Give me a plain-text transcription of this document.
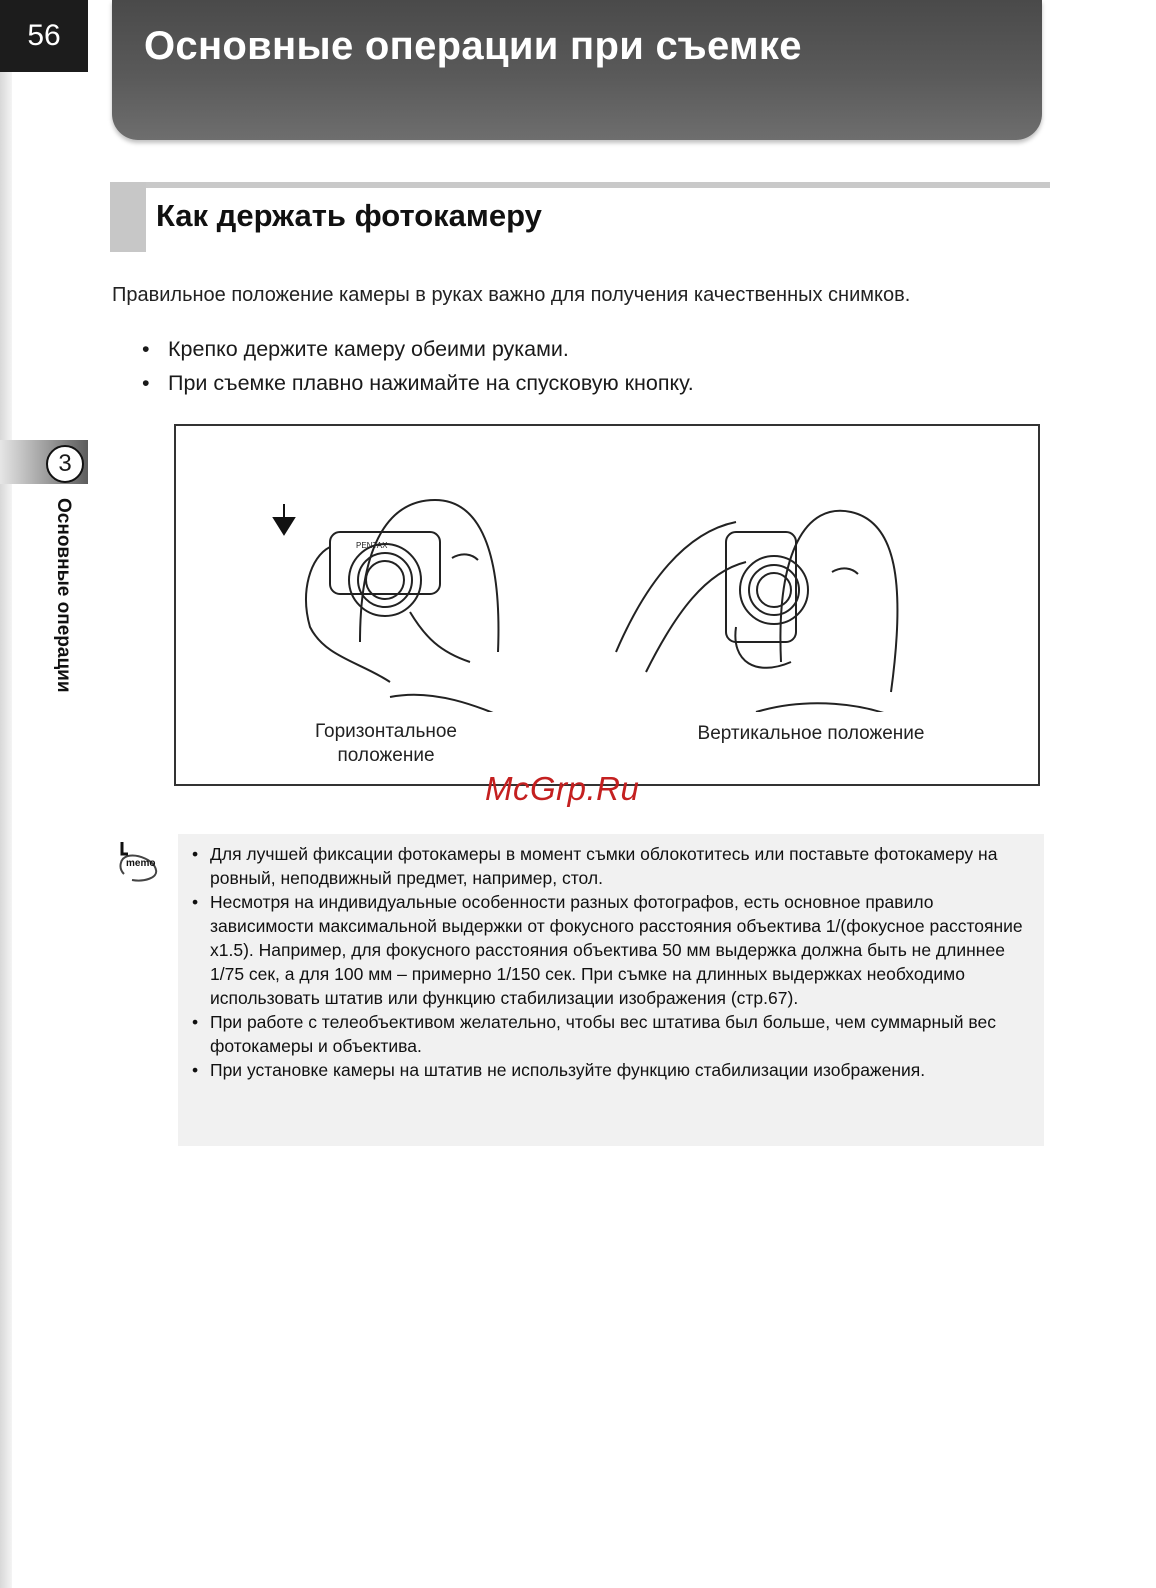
56	Основные операции при съемке
Как держать фотокамеру
Правильное положение камеры в руках важно для получения качественных снимков.
• Крепко держите камеру обеими руками.
• При съемке плавно нажимайте на спусковую кнопку.
3
Основные операции	PENTAX
Горизонтальное
положение
Вертикальное положение
McGrp.Ru
memo
•	Для лучшей фиксации фотокамеры в момент съмки облокотитесь или поставьте фотокамеру на ровный, неподвижный предмет, например, стол.
• Несмотря на индивидуальные особенности разных фотографов, есть основное правило зависимости максимальной выдержки от фокусного расстояния объектива 1/(фокусное расстояние x1.5). Например, для фокусного расстояния объектива 50 мм выдержка должна быть не длиннее 1/75 сек, а для 100 мм – примерно 1/150 сек. При съмке на длинных выдержках необходимо использовать штатив или функцию стабилизации изображения (стр.67).
• При работе с телеобъективом желательно, чтобы вес штатива был больше, чем суммарный вес фотокамеры и объектива.
• При установке камеры на штатив не используйте функцию стабилизации изображения.
